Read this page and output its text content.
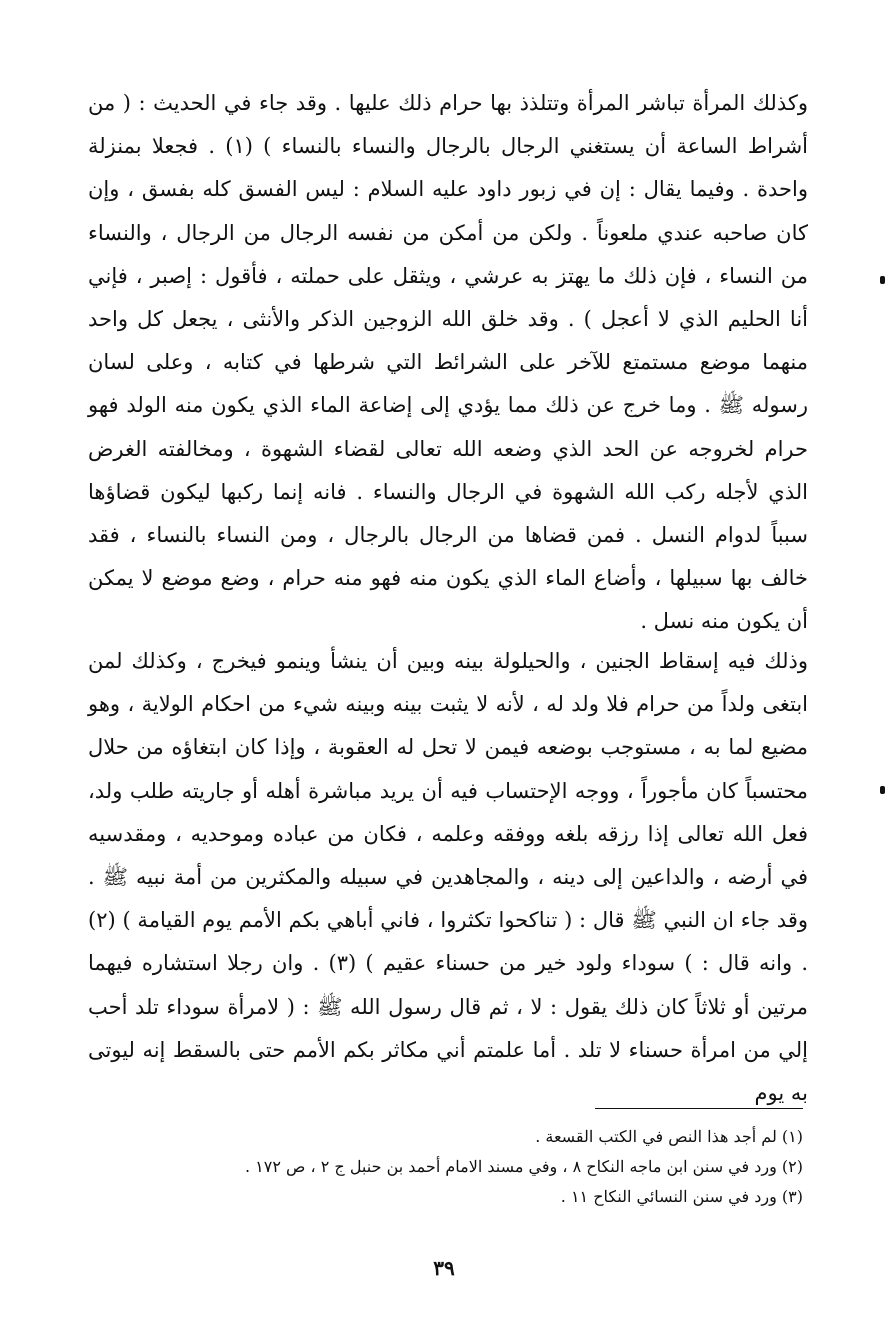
وكذلك المرأة تباشر المرأة وتتلذذ بها حرام ذلك عليها . وقد جاء في الحديث : ( من أشراط الساعة أن يستغني الرجال بالرجال والنساء بالنساء ) (١) . فجعلا بمنزلة واحدة . وفيما يقال : إن في زبور داود عليه السلام : ليس الفسق كله بفسق ، وإن كان صاحبه عندي ملعوناً . ولكن من أمكن من نفسه الرجال من الرجال ، والنساء من النساء ، فإن ذلك ما يهتز به عرشي ، ويثقل على حملته ، فأقول : إصبر ، فإني أنا الحليم الذي لا أعجل ) . وقد خلق الله الزوجين الذكر والأنثى ، يجعل كل واحد منهما موضع مستمتع للآخر على الشرائط التي شرطها في كتابه ، وعلى لسان رسوله ﷺ . وما خرج عن ذلك مما يؤدي إلى إضاعة الماء الذي يكون منه الولد فهو حرام لخروجه عن الحد الذي وضعه الله تعالى لقضاء الشهوة ، ومخالفته الغرض الذي لأجله ركب الله الشهوة في الرجال والنساء . فانه إنما ركبها ليكون قضاؤها سبباً لدوام النسل . فمن قضاها من الرجال بالرجال ، ومن النساء بالنساء ، فقد خالف بها سبيلها ، وأضاع الماء الذي يكون منه فهو منه حرام ، وضع موضع لا يمكن أن يكون منه نسل .

وذلك فيه إسقاط الجنين ، والحيلولة بينه وبين أن ينشأ وينمو فيخرج ، وكذلك لمن ابتغى ولداً من حرام فلا ولد له ، لأنه لا يثبت بينه وبينه شيء من احكام الولاية ، وهو مضيع لما به ، مستوجب بوضعه فيمن لا تحل له العقوبة ، وإذا كان ابتغاؤه من حلال محتسباً كان مأجوراً ، ووجه الإحتساب فيه أن يريد مباشرة أهله أو جاريته طلب ولد، فعل الله تعالى إذا رزقه بلغه ووفقه وعلمه ، فكان من عباده وموحديه ، ومقدسيه في أرضه ، والداعين إلى دينه ، والمجاهدين في سبيله والمكثرين من أمة نبيه ﷺ . وقد جاء ان النبي ﷺ قال : ( تناكحوا تكثروا ، فاني أباهي بكم الأمم يوم القيامة ) (٢) . وانه قال : ) سوداء ولود خير من حسناء عقيم ) (٣) . وان رجلا استشاره فيهما مرتين أو ثلاثاً كان ذلك يقول : لا ، ثم قال رسول الله ﷺ : ( لامرأة سوداء تلد أحب إلي من امرأة حسناء لا تلد . أما علمتم أني مكاثر بكم الأمم حتى بالسقط إنه ليوتى به يوم

(١) لم أجد هذا النص في الكتب القسعة .
(٢) ورد في سنن ابن ماجه النكاح ٨ ، وفي مسند الامام أحمد بن حنبل ج ٢ ، ص ١٧٢ .
(٣) ورد في سنن النسائي النكاح ١١ .
٣٩
